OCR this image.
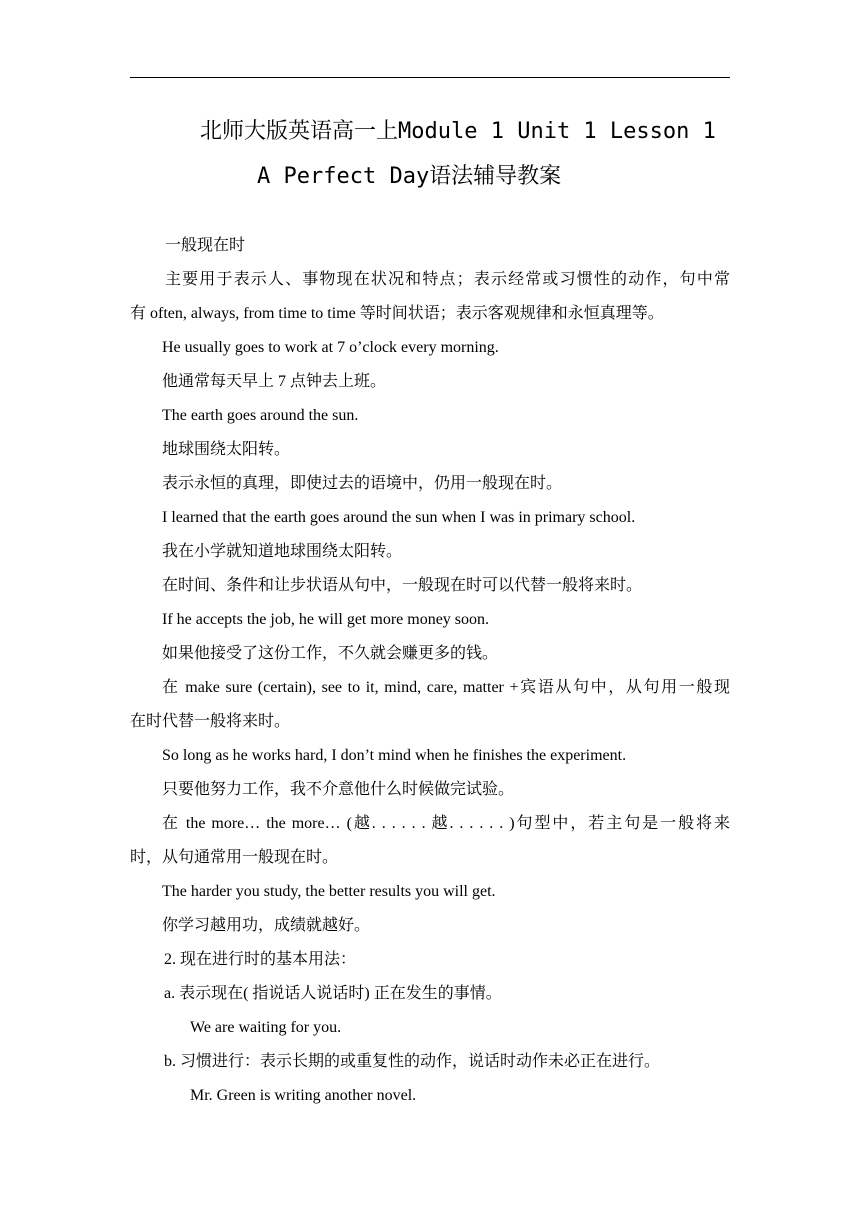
北师大版英语高一上Module 1 Unit 1 Lesson 1
A Perfect Day语法辅导教案
一般现在时
主要用于表示人、事物现在状况和特点；表示经常或习惯性的动作，句中常
有 often, always, from time to time 等时间状语；表示客观规律和永恒真理等。
He usually goes to work at 7 o’clock every morning.
他通常每天早上 7 点钟去上班。
The earth goes around the sun.
地球围绕太阳转。
表示永恒的真理，即使过去的语境中，仍用一般现在时。
I learned that the earth goes around the sun when I was in primary school.
我在小学就知道地球围绕太阳转。
在时间、条件和让步状语从句中，一般现在时可以代替一般将来时。
If he accepts the job, he will get more money soon.
如果他接受了这份工作，不久就会赚更多的钱。
在 make sure (certain), see to it, mind, care, matter +宾语从句中，从句用一般现
在时代替一般将来时。
So long as he works hard, I don’t mind when he finishes the experiment.
只要他努力工作，我不介意他什么时候做完试验。
在 the more… the more… (越. . . . . . 越. . . . . . )句型中，若主句是一般将来
时，从句通常用一般现在时。
The harder you study, the better results you will get.
你学习越用功，成绩就越好。
2. 现在进行时的基本用法：
a. 表示现在( 指说话人说话时) 正在发生的事情。
We are waiting for you.
b. 习惯进行：表示长期的或重复性的动作，说话时动作未必正在进行。
Mr. Green is writing another novel.
